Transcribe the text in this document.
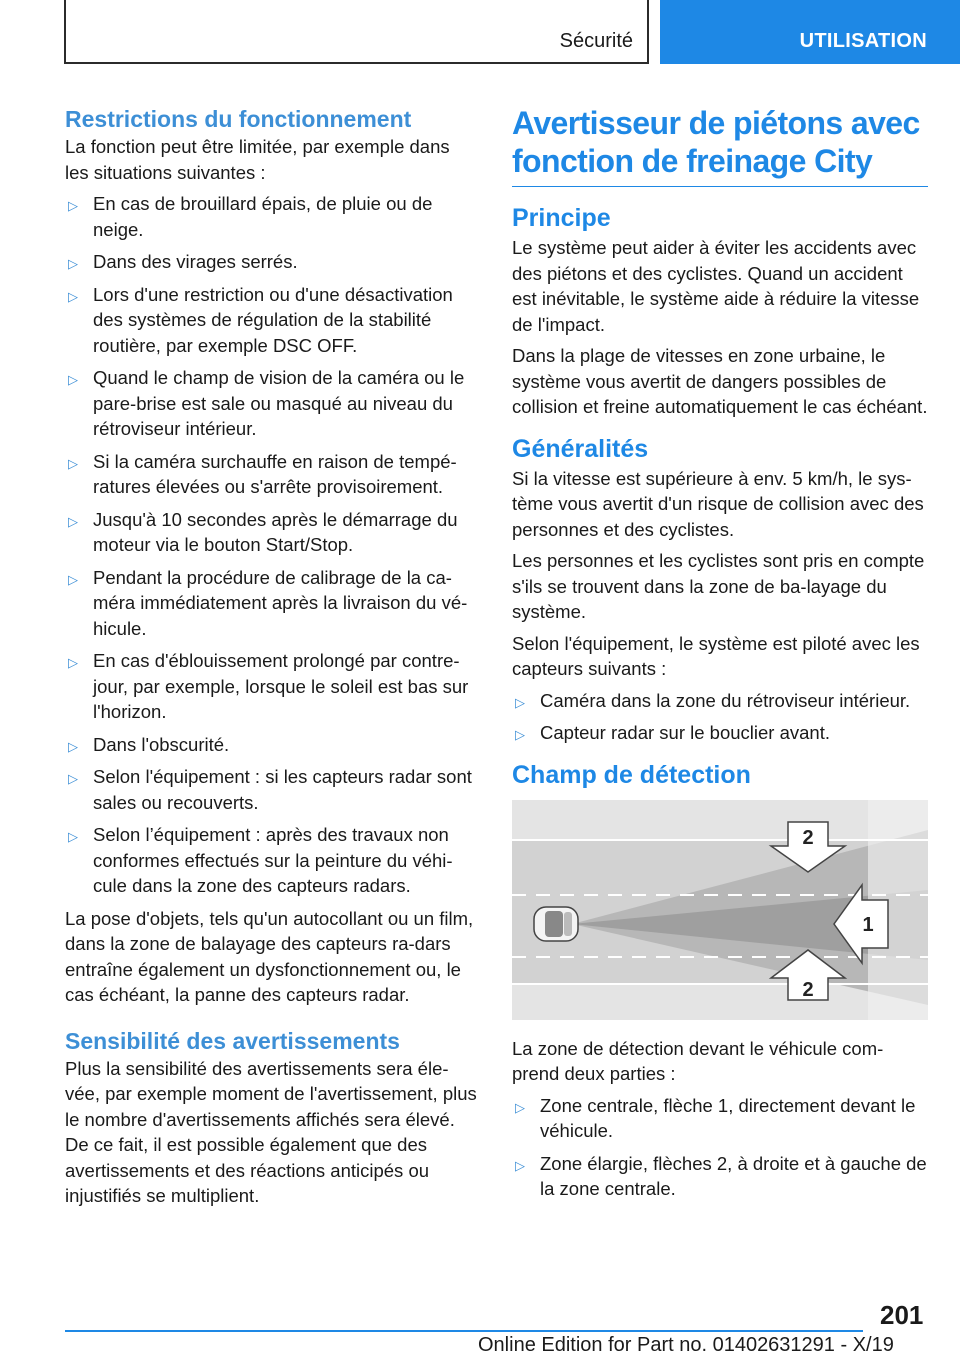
Sécurité	UTILISATION
Restrictions du fonctionnement

La fonction peut être limitée, par exemple dans les situations suivantes :

▷ En cas de brouillard épais, de pluie ou de neige.
▷ Dans des virages serrés.
▷ Lors d'une restriction ou d'une désactivation des systèmes de régulation de la stabilité routière, par exemple DSC OFF.
▷ Quand le champ de vision de la caméra ou le pare-brise est sale ou masqué au niveau du rétroviseur intérieur.
▷ Si la caméra surchauffe en raison de tempé‐ratures élevées ou s'arrête provisoirement.
▷ Jusqu'à 10 secondes après le démarrage du moteur via le bouton Start/Stop.
▷ Pendant la procédure de calibrage de la ca‐méra immédiatement après la livraison du vé‐hicule.
▷ En cas d'éblouissement prolongé par contre-jour, par exemple, lorsque le soleil est bas sur l'horizon.
▷ Dans l'obscurité.
▷ Selon l'équipement : si les capteurs radar sont sales ou recouverts.
▷ Selon l’équipement : après des travaux non conformes effectués sur la peinture du véhi‐cule dans la zone des capteurs radars.

La pose d'objets, tels qu'un autocollant ou un film, dans la zone de balayage des capteurs ra‐dars entraîne également un dysfonctionnement ou, le cas échéant, la panne des capteurs radar.

Sensibilité des avertissements

Plus la sensibilité des avertissements sera éle‐vée, par exemple moment de l'avertissement, plus le nombre d'avertissements affichés sera élevé. De ce fait, il est possible également que des avertissements et des réactions anticipés ou injustifiés se multiplient.

Avertisseur de piétons avec fonction de freinage City
Principe

Le système peut aider à éviter les accidents avec des piétons et des cyclistes. Quand un accident est inévitable, le système aide à réduire la vitesse de l'impact.

Dans la plage de vitesses en zone urbaine, le système vous avertit de dangers possibles de collision et freine automatiquement le cas échéant.

Généralités

Si la vitesse est supérieure à env. 5 km/h, le sys‐tème vous avertit d'un risque de collision avec des personnes et des cyclistes.

Les personnes et les cyclistes sont pris en compte s'ils se trouvent dans la zone de ba‐layage du système.

Selon l'équipement, le système est piloté avec les capteurs suivants :

▷ Caméra dans la zone du rétroviseur intérieur.
▷ Capteur radar sur le bouclier avant.
Champ de détection
2
1
2

La zone de détection devant le véhicule com‐prend deux parties :

▷ Zone centrale, flèche 1, directement devant le véhicule.
▷ Zone élargie, flèches 2, à droite et à gauche de la zone centrale.
201
Online Edition for Part no. 01402631291 - X/19
